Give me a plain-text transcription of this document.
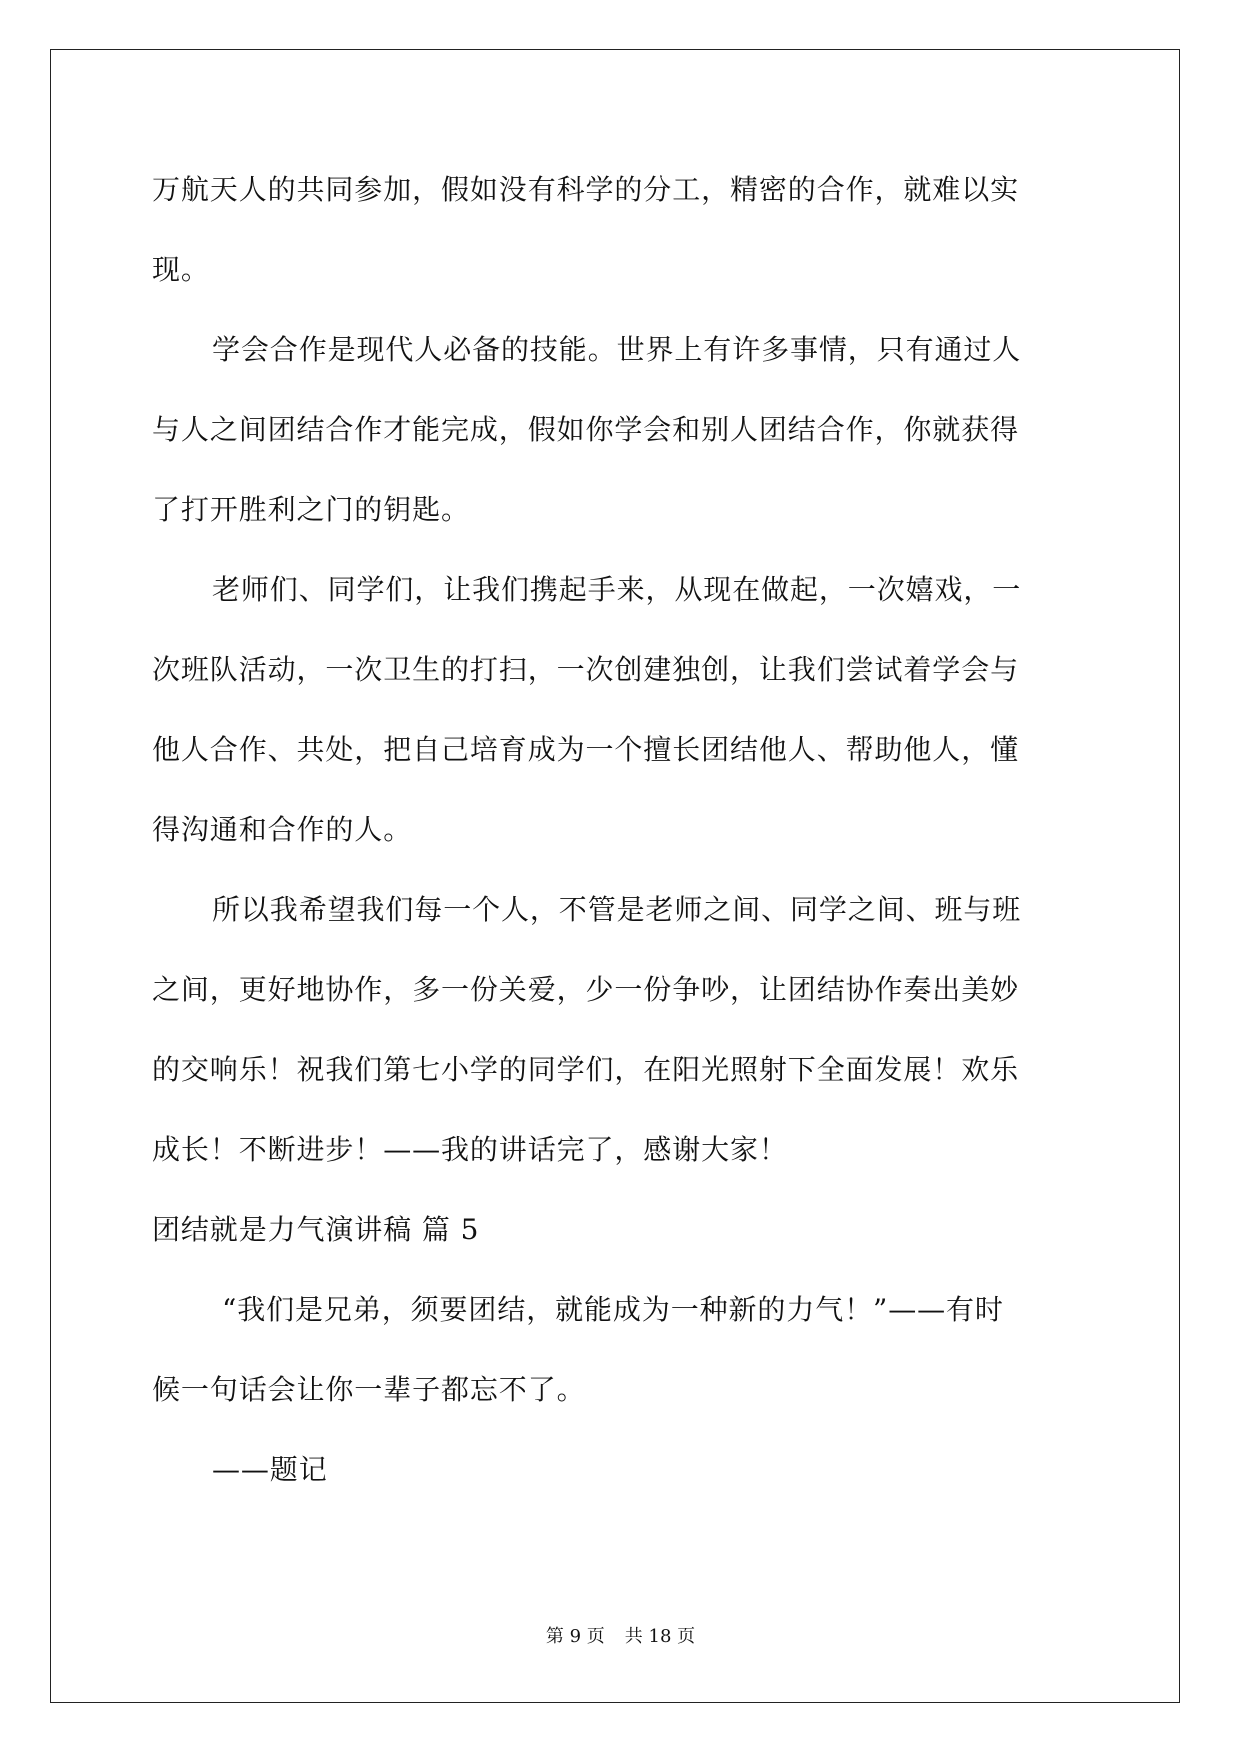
万航天人的共同参加，假如没有科学的分工，精密的合作，就难以实
现。
学会合作是现代人必备的技能。世界上有许多事情，只有通过人
与人之间团结合作才能完成，假如你学会和别人团结合作，你就获得
了打开胜利之门的钥匙。
老师们、同学们，让我们携起手来，从现在做起，一次嬉戏，一
次班队活动，一次卫生的打扫，一次创建独创，让我们尝试着学会与
他人合作、共处，把自己培育成为一个擅长团结他人、帮助他人，懂
得沟通和合作的人。
所以我希望我们每一个人，不管是老师之间、同学之间、班与班
之间，更好地协作，多一份关爱，少一份争吵，让团结协作奏出美妙
的交响乐！祝我们第七小学的同学们，在阳光照射下全面发展！欢乐
成长！不断进步！——我的讲话完了，感谢大家！
团结就是力气演讲稿 篇 5
“我们是兄弟，须要团结，就能成为一种新的力气！”——有时
候一句话会让你一辈子都忘不了。
——题记
第 9 页 共 18 页
